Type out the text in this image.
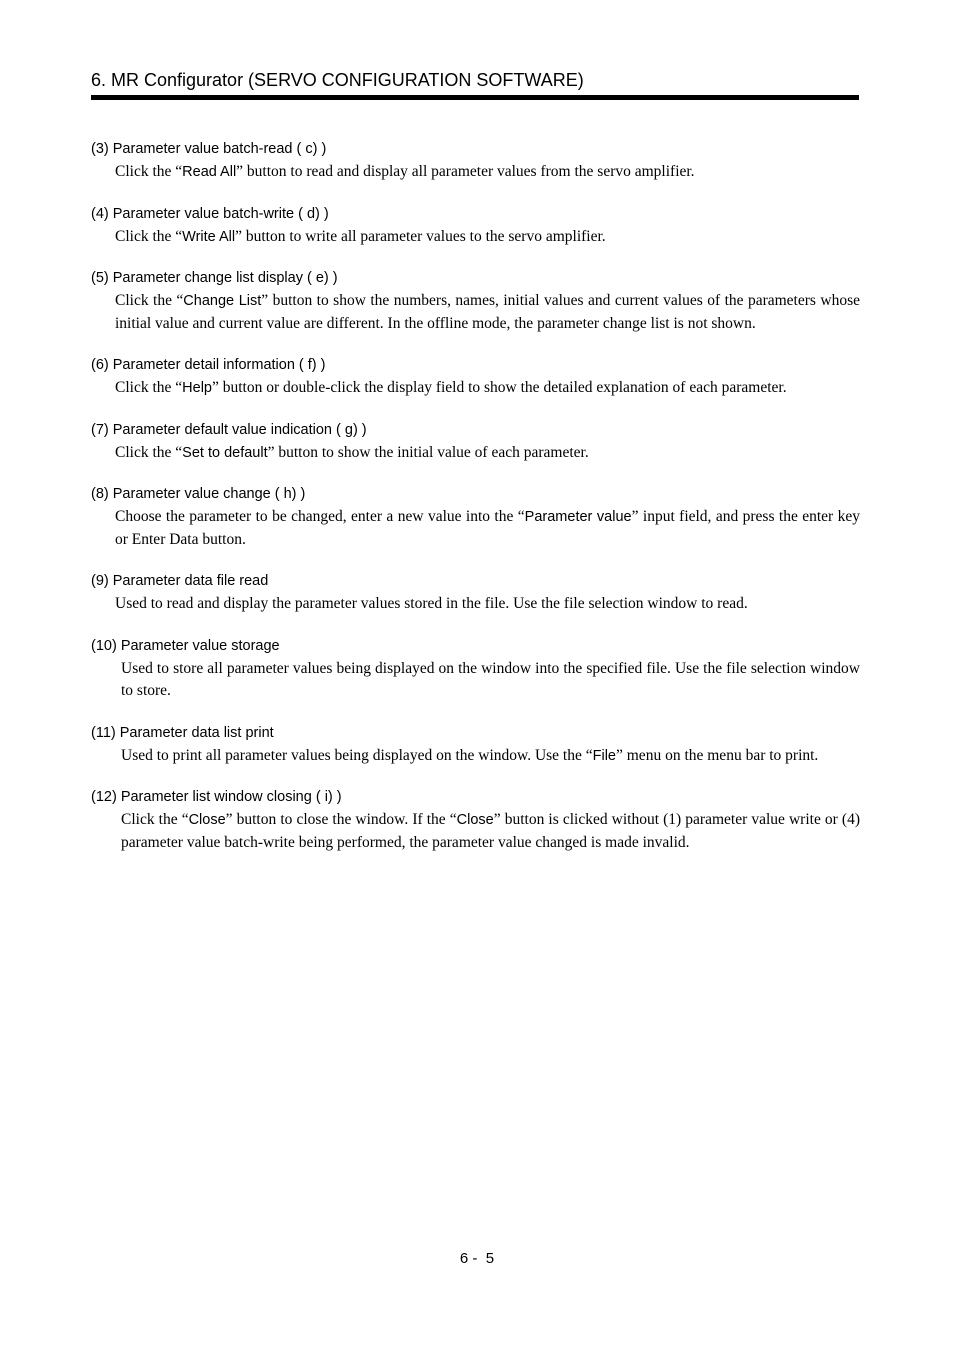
6. MR Configurator (SERVO CONFIGURATION SOFTWARE)
(3) Parameter value batch-read ( c) )
Click the “Read All” button to read and display all parameter values from the servo amplifier.
(4) Parameter value batch-write ( d) )
Click the “Write All” button to write all parameter values to the servo amplifier.
(5) Parameter change list display ( e) )
Click the “Change List” button to show the numbers, names, initial values and current values of the parameters whose initial value and current value are different. In the offline mode, the parameter change list is not shown.
(6) Parameter detail information ( f) )
Click the “Help” button or double-click the display field to show the detailed explanation of each parameter.
(7) Parameter default value indication ( g) )
Click the “Set to default” button to show the initial value of each parameter.
(8) Parameter value change ( h) )
Choose the parameter to be changed, enter a new value into the “Parameter value” input field, and press the enter key or Enter Data button.
(9) Parameter data file read
Used to read and display the parameter values stored in the file. Use the file selection window to read.
(10) Parameter value storage
Used to store all parameter values being displayed on the window into the specified file. Use the file selection window to store.
(11) Parameter data list print
Used to print all parameter values being displayed on the window. Use the “File” menu on the menu bar to print.
(12) Parameter list window closing ( i) )
Click the “Close” button to close the window. If the “Close” button is clicked without (1) parameter value write or (4) parameter value batch-write being performed, the parameter value changed is made invalid.
6 -  5
